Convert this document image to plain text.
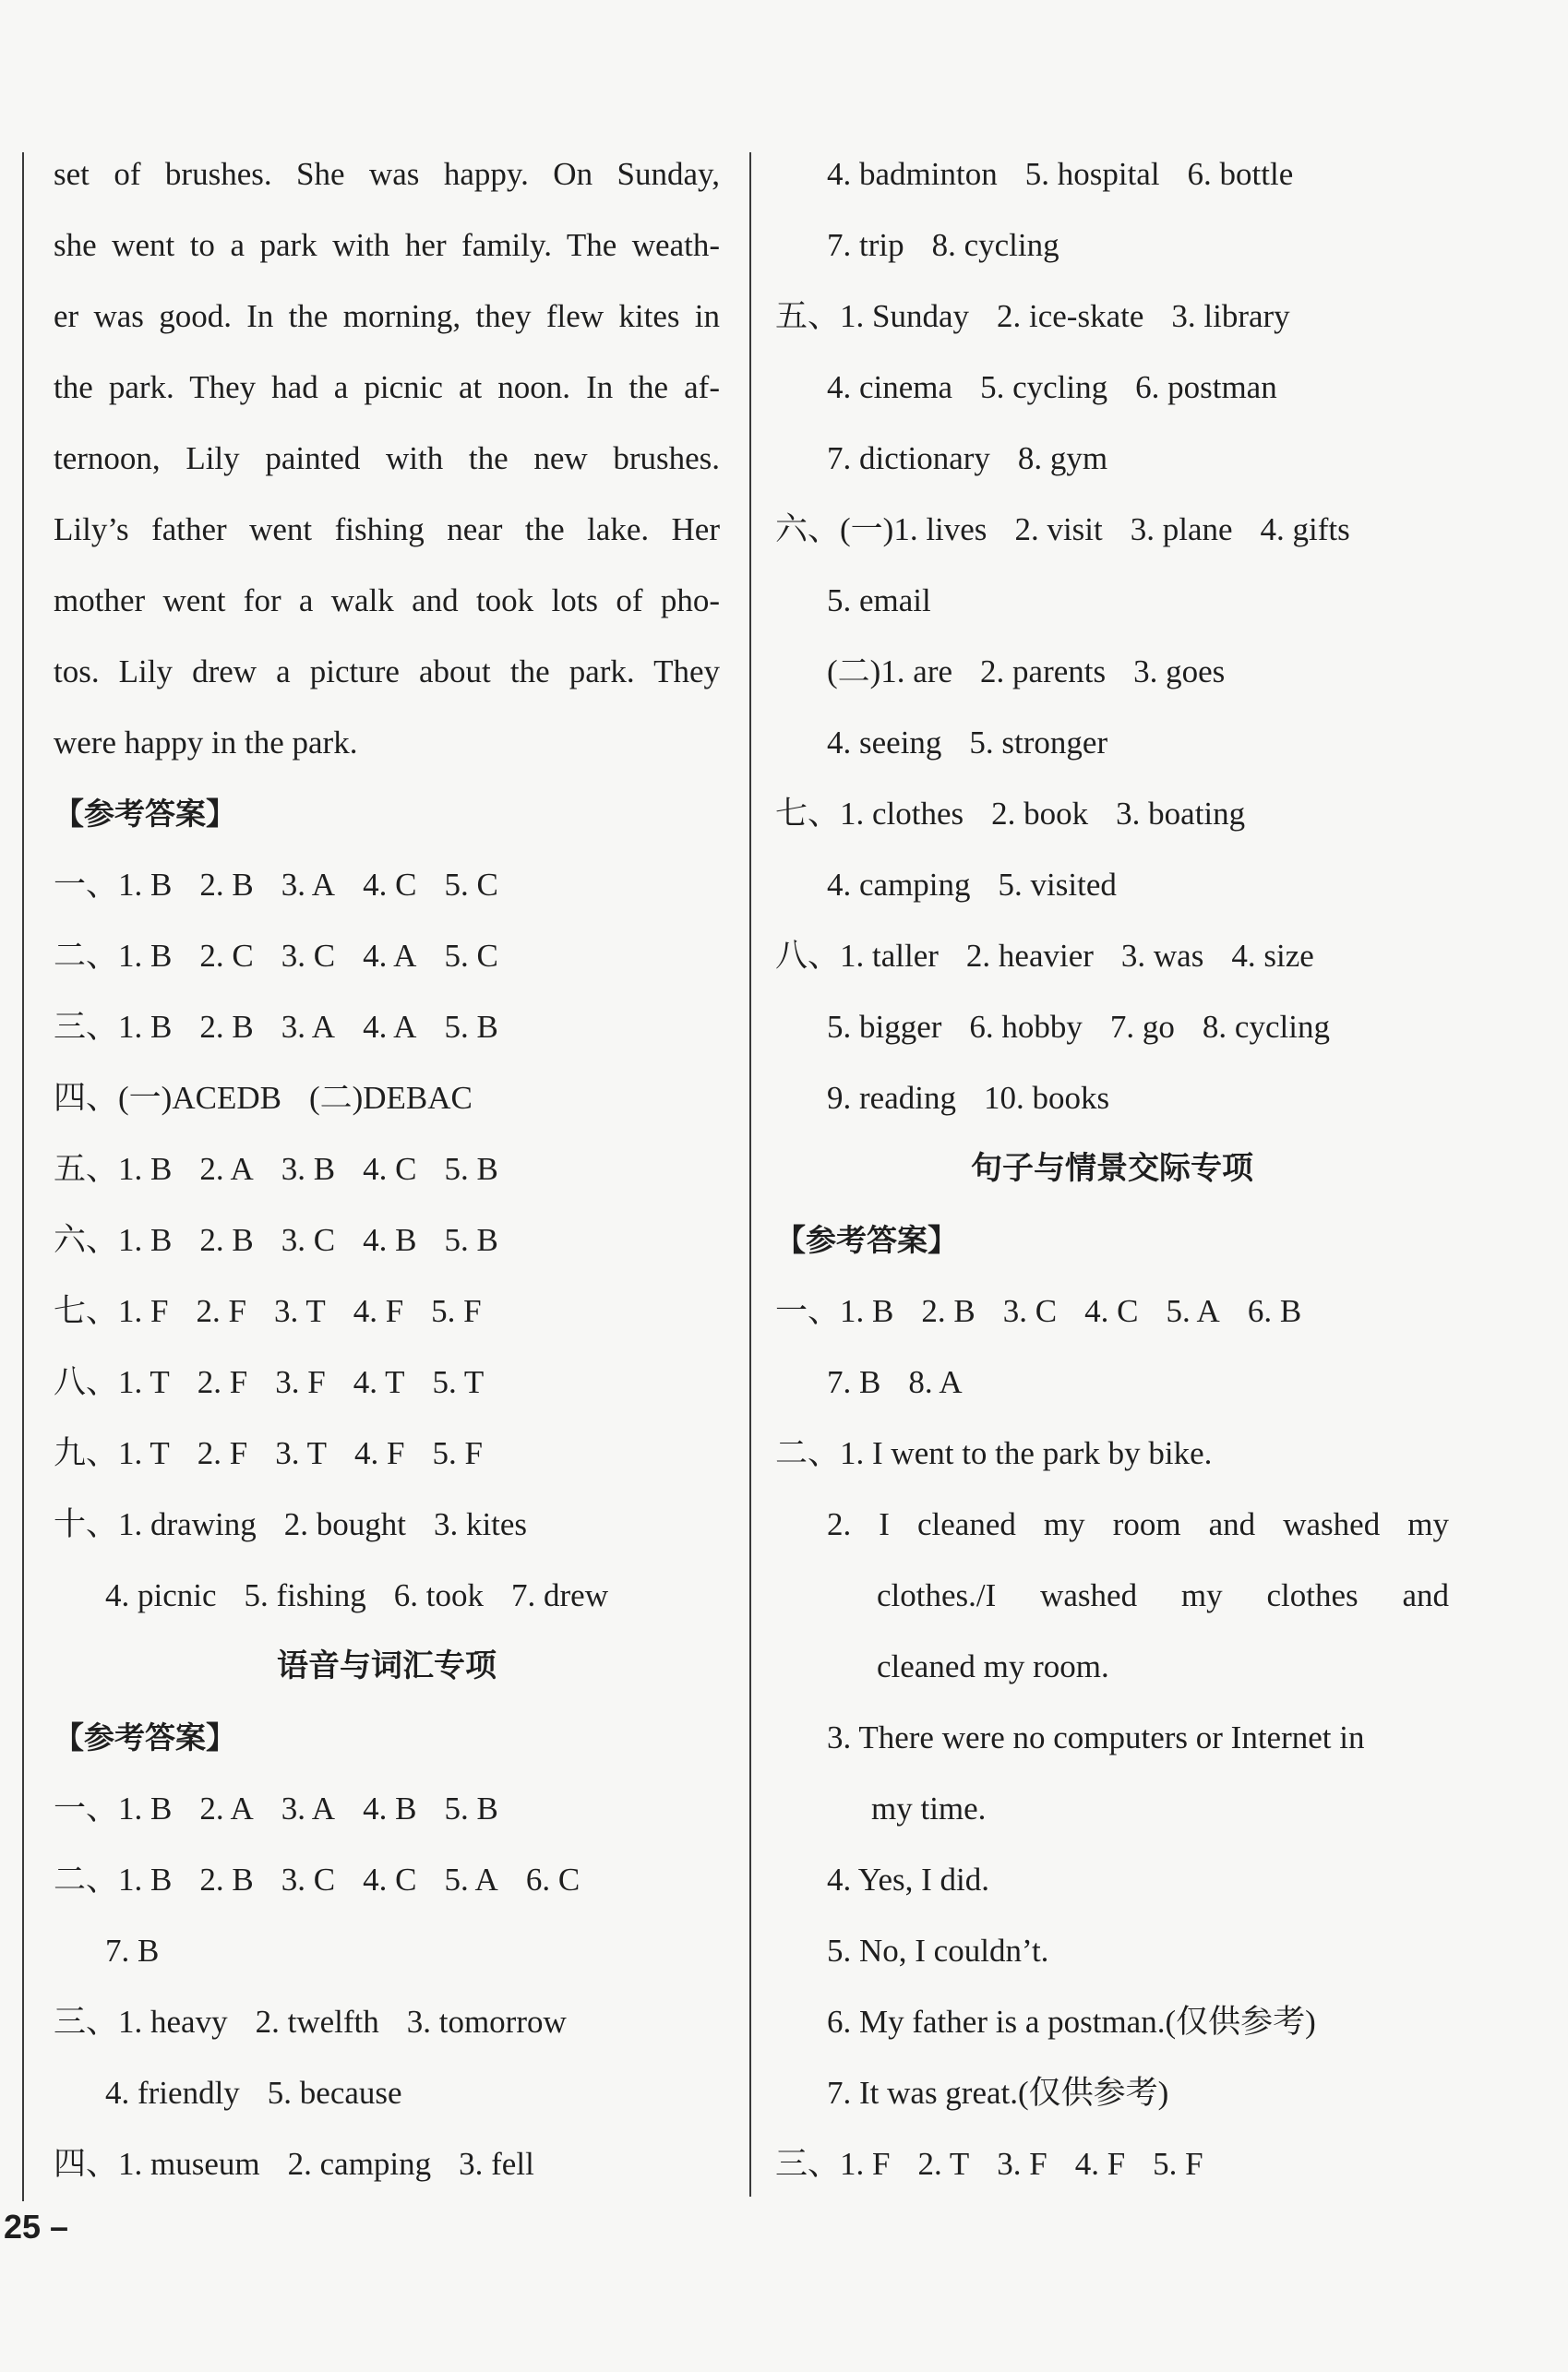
set of brushes. She was happy. On Sunday,
she went to a park with her family. The weath-
er was good. In the morning, they flew kites in
the park. They had a picnic at noon. In the af-
ternoon, Lily painted with the new brushes.
Lily’s father went fishing near the lake. Her
mother went for a walk and took lots of pho-
tos. Lily drew a picture about the park. They
were happy in the park.
【参考答案】
一、1. B 2. B 3. A 4. C 5. C
二、1. B 2. C 3. C 4. A 5. C
三、1. B 2. B 3. A 4. A 5. B
四、(一)ACEDB (二)DEBAC
五、1. B 2. A 3. B 4. C 5. B
六、1. B 2. B 3. C 4. B 5. B
七、1. F 2. F 3. T 4. F 5. F
八、1. T 2. F 3. F 4. T 5. T
九、1. T 2. F 3. T 4. F 5. F
十、1. drawing 2. bought 3. kites
4. picnic 5. fishing 6. took 7. drew
语音与词汇专项
【参考答案】
一、1. B 2. A 3. A 4. B 5. B
二、1. B 2. B 3. C 4. C 5. A 6. C
7. B
三、1. heavy 2. twelfth 3. tomorrow
4. friendly 5. because
四、1. museum 2. camping 3. fell
4. badminton 5. hospital 6. bottle
7. trip 8. cycling
五、1. Sunday 2. ice-skate 3. library
4. cinema 5. cycling 6. postman
7. dictionary 8. gym
六、(一)1. lives 2. visit 3. plane 4. gifts
5. email
(二)1. are 2. parents 3. goes
4. seeing 5. stronger
七、1. clothes 2. book 3. boating
4. camping 5. visited
八、1. taller 2. heavier 3. was 4. size
5. bigger 6. hobby 7. go 8. cycling
9. reading 10. books
句子与情景交际专项
【参考答案】
一、1. B 2. B 3. C 4. C 5. A 6. B
7. B 8. A
二、1. I went to the park by bike.
2. I cleaned my room and washed my
clothes./I washed my clothes and
cleaned my room.
3. There were no computers or Internet in
my time.
4. Yes, I did.
5. No, I couldn’t.
6. My father is a postman.(仅供参考)
7. It was great.(仅供参考)
三、1. F 2. T 3. F 4. F 5. F
25 –
